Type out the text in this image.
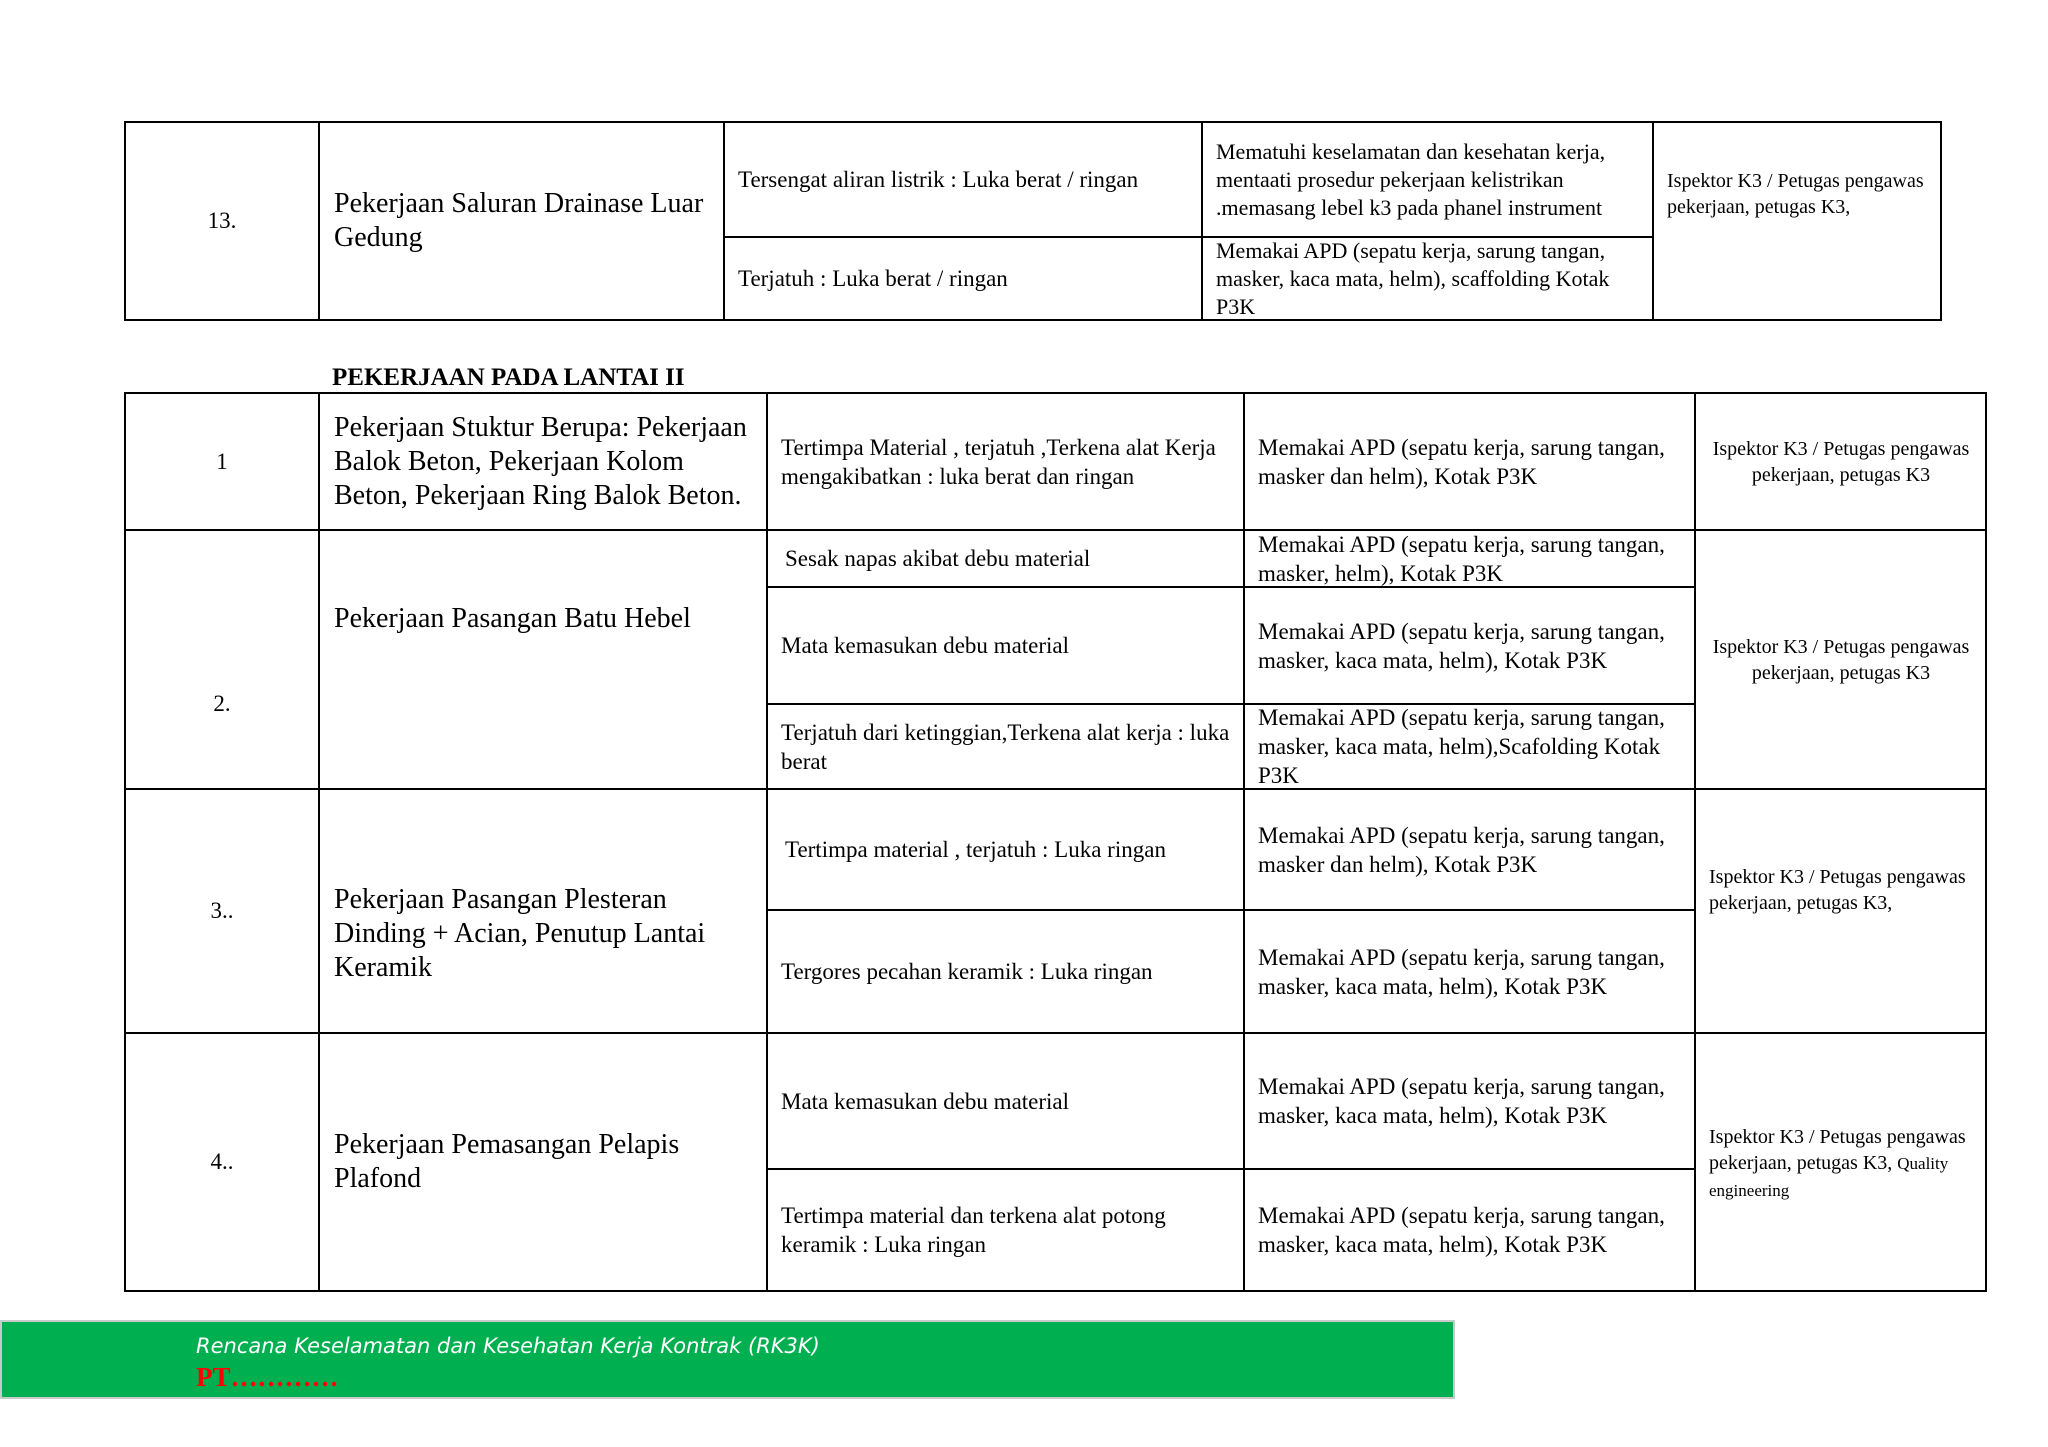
13.
Pekerjaan Saluran Drainase Luar Gedung
Tersengat aliran listrik : Luka berat / ringan
Terjatuh : Luka berat / ringan
Mematuhi keselamatan dan kesehatan kerja, mentaati prosedur pekerjaan kelistrikan .memasang lebel k3 pada phanel instrument
Memakai APD (sepatu kerja, sarung tangan, masker, kaca mata, helm), scaffolding Kotak P3K
Ispektor K3 / Petugas pengawas pekerjaan, petugas K3,
PEKERJAAN PADA LANTAI II
1
Pekerjaan Stuktur Berupa: Pekerjaan Balok Beton, Pekerjaan Kolom Beton, Pekerjaan Ring Balok Beton.
Tertimpa Material , terjatuh ,Terkena alat Kerja mengakibatkan : luka berat dan ringan
Memakai APD (sepatu kerja, sarung tangan, masker dan helm), Kotak P3K
Ispektor K3 / Petugas pengawas pekerjaan, petugas K3
2.
Pekerjaan Pasangan Batu Hebel
Sesak napas akibat debu material
Mata kemasukan debu material
Terjatuh dari ketinggian,Terkena alat kerja : luka berat
Memakai APD (sepatu kerja, sarung tangan, masker, helm), Kotak P3K
Memakai APD (sepatu kerja, sarung tangan, masker, kaca mata, helm), Kotak P3K
Memakai APD (sepatu kerja, sarung tangan, masker, kaca mata, helm),Scafolding Kotak P3K
Ispektor K3 / Petugas pengawas pekerjaan, petugas K3
3..	Pekerjaan Pasangan Plesteran Dinding + Acian, Penutup Lantai Keramik
Tertimpa material , terjatuh : Luka ringan
Tergores pecahan keramik : Luka ringan
Memakai APD (sepatu kerja, sarung tangan, masker dan helm), Kotak P3K
Memakai APD (sepatu kerja, sarung tangan, masker, kaca mata, helm), Kotak P3K
Ispektor K3 / Petugas pengawas pekerjaan, petugas K3,
4..
Pekerjaan Pemasangan Pelapis Plafond
Mata kemasukan debu material
Tertimpa material dan terkena alat potong keramik : Luka ringan
Memakai APD (sepatu kerja, sarung tangan, masker, kaca mata, helm), Kotak P3K
Memakai APD (sepatu kerja, sarung tangan, masker, kaca mata, helm), Kotak P3K
Ispektor K3 / Petugas pengawas pekerjaan, petugas K3, Quality engineering
Rencana Keselamatan dan Kesehatan Kerja Kontrak (RK3K)
PT…………
